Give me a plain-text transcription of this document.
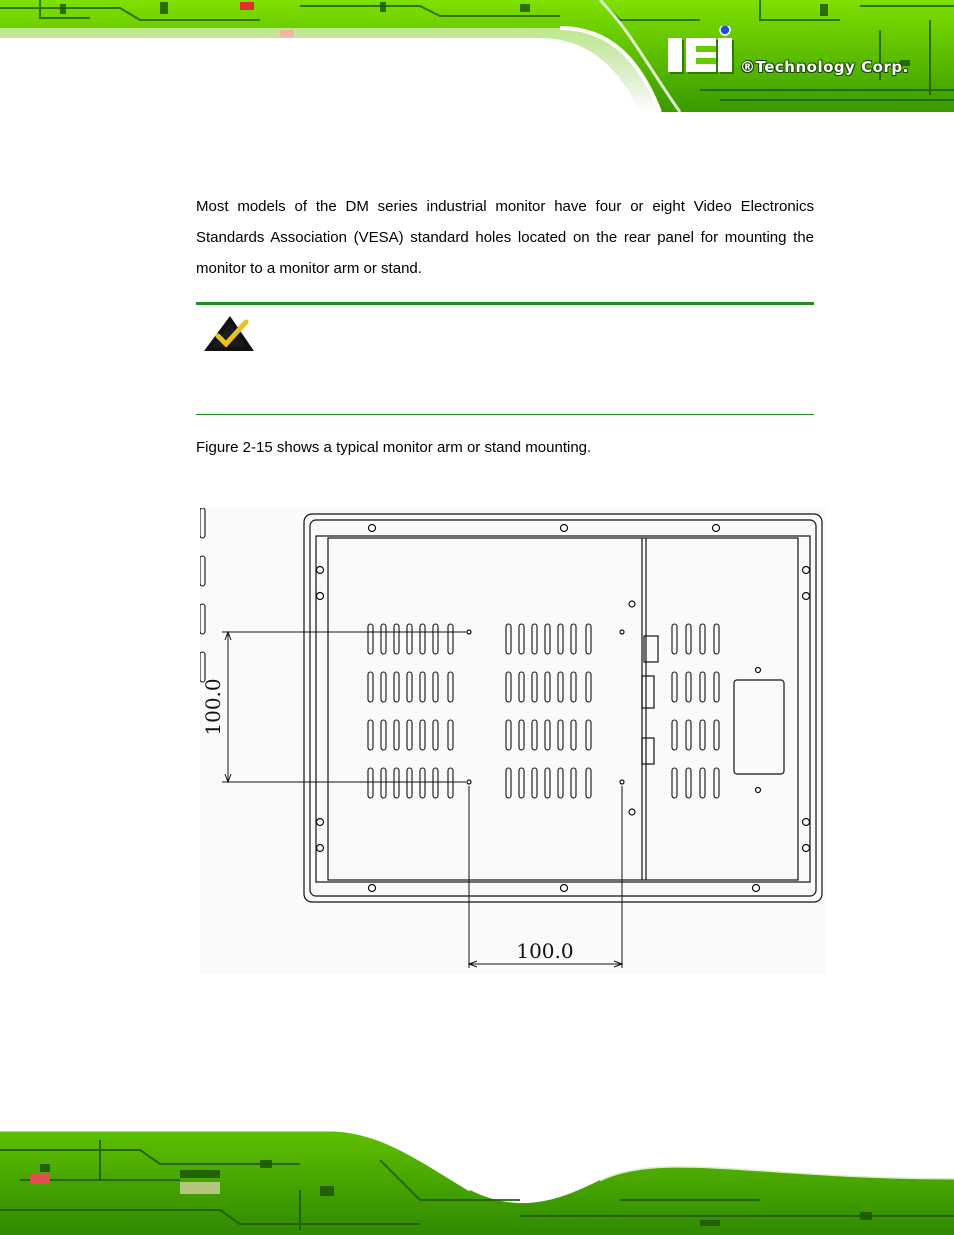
®Technology Corp.

Most models of the DM series industrial monitor have four or eight Video Electronics Standards Association (VESA) standard holes located on the rear panel for mounting the monitor to a monitor arm or stand.

Figure 2-15 shows a typical monitor arm or stand mounting.

100.0
100.0
